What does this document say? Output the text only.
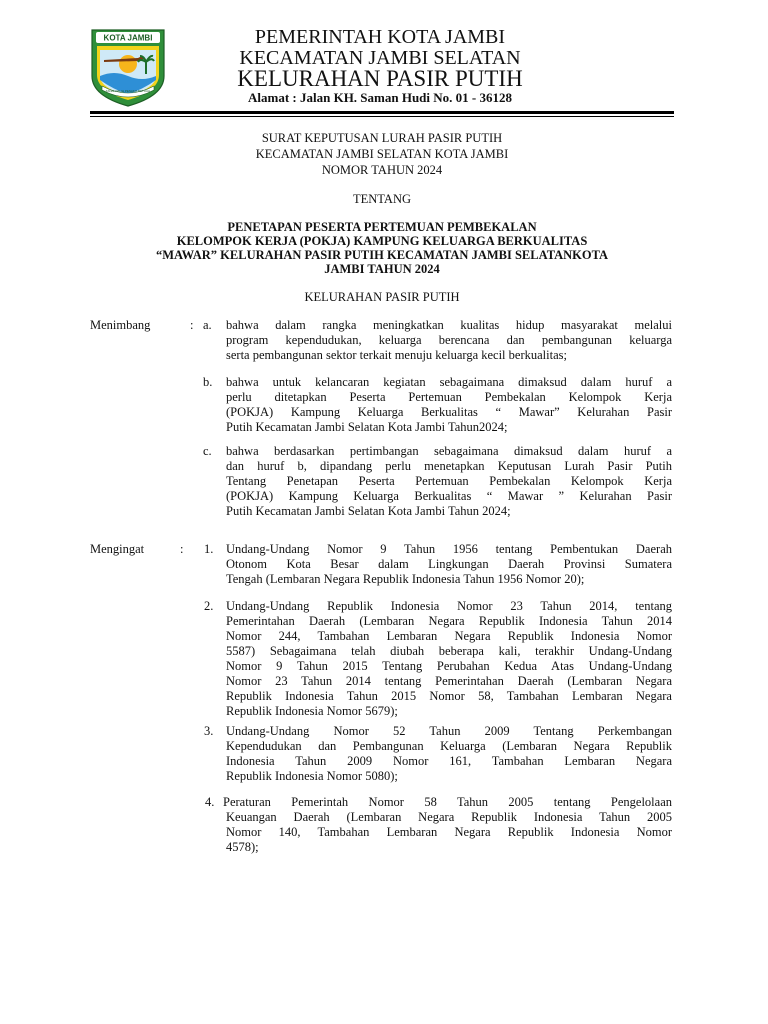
KOTA JAMBI
TANAH PILIH PESAKO BETUAH
PEMERINTAH KOTA JAMBI
KECAMATAN JAMBI SELATAN
KELURAHAN PASIR PUTIH
Alamat : Jalan KH. Saman Hudi No. 01 - 36128
SURAT KEPUTUSAN LURAH PASIR PUTIH
KECAMATAN JAMBI SELATAN KOTA JAMBI
NOMOR TAHUN 2024
TENTANG
PENETAPAN PESERTA PERTEMUAN PEMBEKALAN
KELOMPOK KERJA (POKJA) KAMPUNG KELUARGA BERKUALITAS
“MAWAR” KELURAHAN PASIR PUTIH KECAMATAN JAMBI SELATANKOTA
JAMBI TAHUN 2024
KELURAHAN PASIR PUTIH
Menimbang	: a. bahwa dalam rangka meningkatkan kualitas hidup masyarakat melalui
program kependudukan, keluarga berencana dan pembangunan keluarga
serta pembangunan sektor terkait menuju keluarga kecil berkualitas;
b. bahwa untuk kelancaran kegiatan sebagaimana dimaksud dalam huruf a
perlu ditetapkan Peserta Pertemuan Pembekalan Kelompok Kerja
(POKJA) Kampung Keluarga Berkualitas “ Mawar” Kelurahan Pasir
Putih Kecamatan Jambi Selatan Kota Jambi Tahun2024;
c. bahwa berdasarkan pertimbangan sebagaimana dimaksud dalam huruf a
dan huruf b, dipandang perlu menetapkan Keputusan Lurah Pasir Putih
Tentang Penetapan Peserta Pertemuan Pembekalan Kelompok Kerja
(POKJA) Kampung Keluarga Berkualitas “ Mawar ” Kelurahan Pasir
Putih Kecamatan Jambi Selatan Kota Jambi Tahun 2024;
Mengingat	: 1. Undang-Undang Nomor 9 Tahun 1956 tentang Pembentukan Daerah
Otonom Kota Besar dalam Lingkungan Daerah Provinsi Sumatera
Tengah (Lembaran Negara Republik Indonesia Tahun 1956 Nomor 20);
2. Undang-Undang Republik Indonesia Nomor 23 Tahun 2014, tentang
Pemerintahan Daerah (Lembaran Negara Republik Indonesia Tahun 2014
Nomor 244, Tambahan Lembaran Negara Republik Indonesia Nomor
5587) Sebagaimana telah diubah beberapa kali, terakhir Undang-Undang
Nomor 9 Tahun 2015 Tentang Perubahan Kedua Atas Undang-Undang
Nomor 23 Tahun 2014 tentang Pemerintahan Daerah (Lembaran Negara
Republik Indonesia Tahun 2015 Nomor 58, Tambahan Lembaran Negara
Republik Indonesia Nomor 5679);
3. Undang-Undang Nomor 52 Tahun 2009 Tentang Perkembangan
Kependudukan dan Pembangunan Keluarga (Lembaran Negara Republik
Indonesia Tahun 2009 Nomor 161, Tambahan Lembaran Negara
Republik Indonesia Nomor 5080);
4. Peraturan Pemerintah Nomor 58 Tahun 2005 tentang Pengelolaan
Keuangan Daerah (Lembaran Negara Republik Indonesia Tahun 2005
Nomor 140, Tambahan Lembaran Negara Republik Indonesia Nomor
4578);
